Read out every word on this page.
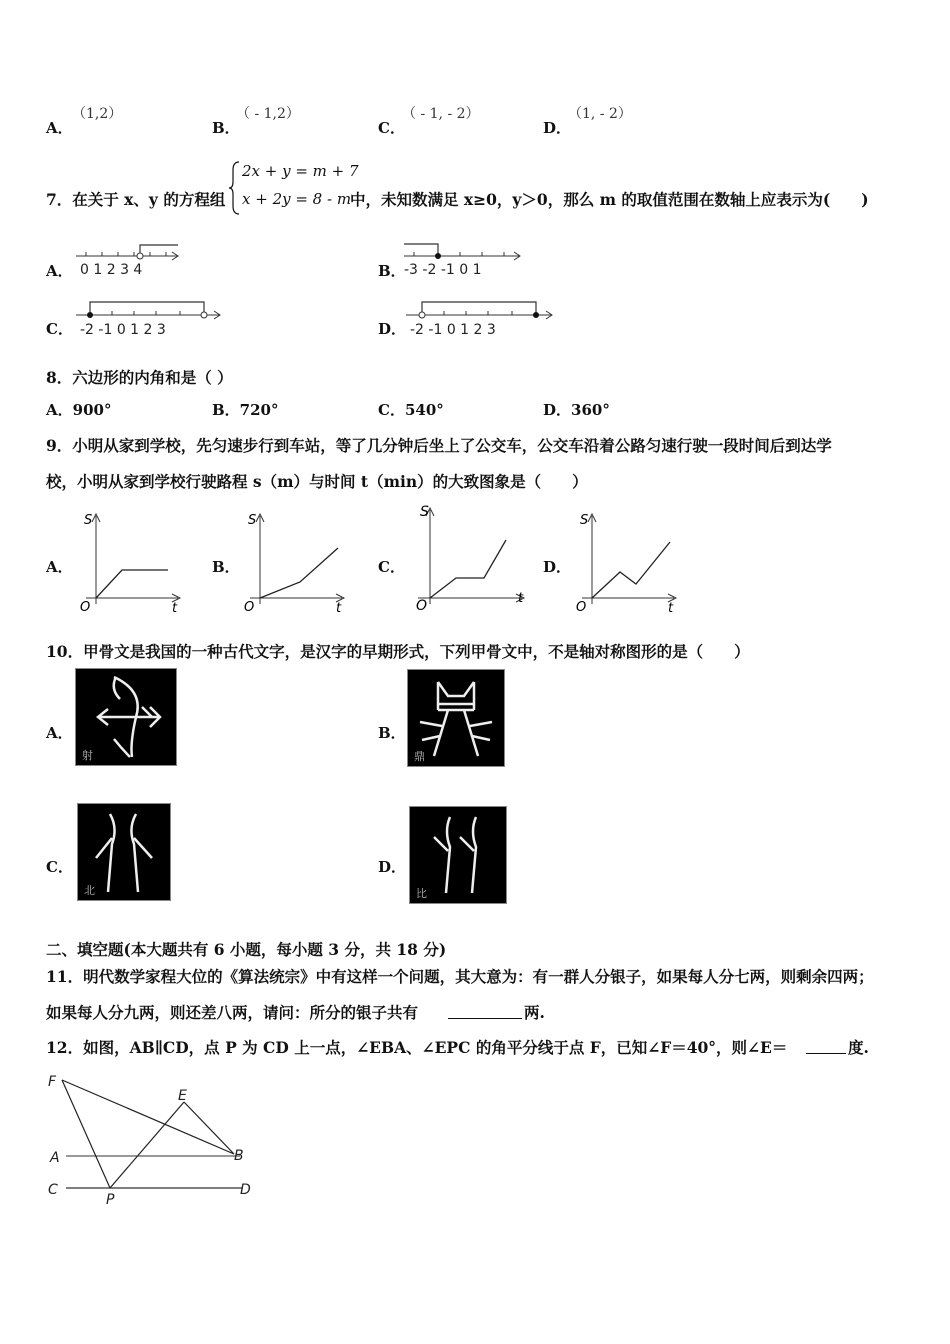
A．
（1,2）
B．
（ - 1,2）
C．
（ - 1, - 2）
D．
（1, - 2）
7．在关于 x、y 的方程组
2x + y = m + 7
x + 2y = 8 - m
中，未知数满足 x≥0，y＞0，那么 m 的取值范围在数轴上应表示为(　　)
A． 0 1 2 3 4	B．
-3 -2 -1 0 1
C． -2 -1 0 1 2 3	D． -2 -1 0 1 2 3
8．六边形的内角和是（ ）
A．900°	B．720°	C．540°	D．360°
9．小明从家到学校，先匀速步行到车站，等了几分钟后坐上了公交车，公交车沿着公路匀速行驶一段时间后到达学
校，小明从家到学校行驶路程 s（m）与时间 t（min）的大致图象是（　　）
A．
S
t
O
B．
S
t
O
C．
S
t
O
D．
S
t
O
10．甲骨文是我国的一种古代文字，是汉字的早期形式，下列甲骨文中，不是轴对称图形的是（　　）
A．
射
B．
鼎
C．
北
D．
比
二、填空题(本大题共有 6 小题，每小题 3 分，共 18 分)
11．明代数学家程大位的《算法统宗》中有这样一个问题，其大意为：有一群人分银子，如果每人分七两，则剩余四两；
如果每人分九两，则还差八两，请问：所分的银子共有	两.
12．如图，AB∥CD，点 P 为 CD 上一点，∠EBA、∠EPC 的角平分线于点 F，已知∠F＝40°，则∠E＝	度.
F
E
A	B
C	D
P
